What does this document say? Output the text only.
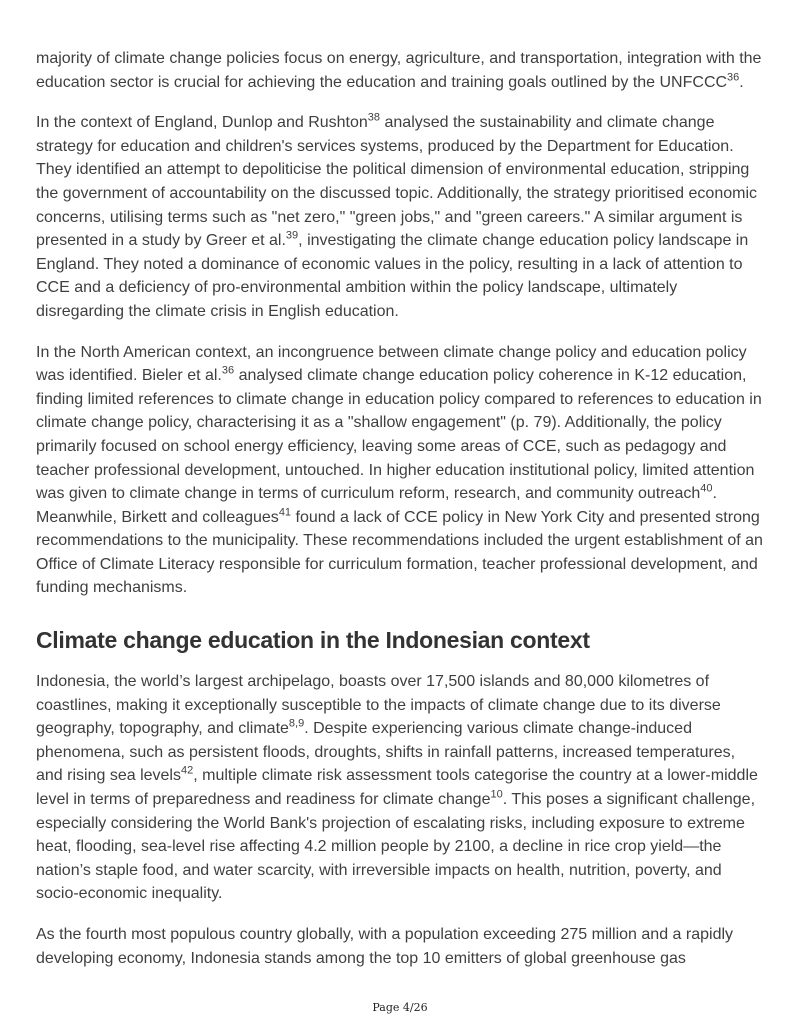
majority of climate change policies focus on energy, agriculture, and transportation, integration with the education sector is crucial for achieving the education and training goals outlined by the UNFCCC$^{36}$.

In the context of England, Dunlop and Rushton$^{38}$ analysed the sustainability and climate change strategy for education and children's services systems, produced by the Department for Education. They identified an attempt to depoliticise the political dimension of environmental education, stripping the government of accountability on the discussed topic. Additionally, the strategy prioritised economic concerns, utilising terms such as "net zero," "green jobs," and "green careers." A similar argument is presented in a study by Greer et al.$^{39}$, investigating the climate change education policy landscape in England. They noted a dominance of economic values in the policy, resulting in a lack of attention to CCE and a deficiency of pro-environmental ambition within the policy landscape, ultimately disregarding the climate crisis in English education.

In the North American context, an incongruence between climate change policy and education policy was identified. Bieler et al.$^{36}$ analysed climate change education policy coherence in K-12 education, finding limited references to climate change in education policy compared to references to education in climate change policy, characterising it as a "shallow engagement" (p. 79). Additionally, the policy primarily focused on school energy efficiency, leaving some areas of CCE, such as pedagogy and teacher professional development, untouched. In higher education institutional policy, limited attention was given to climate change in terms of curriculum reform, research, and community outreach$^{40}$. Meanwhile, Birkett and colleagues$^{41}$ found a lack of CCE policy in New York City and presented strong recommendations to the municipality. These recommendations included the urgent establishment of an Office of Climate Literacy responsible for curriculum formation, teacher professional development, and funding mechanisms.

Climate change education in the Indonesian context

Indonesia, the world’s largest archipelago, boasts over 17,500 islands and 80,000 kilometres of coastlines, making it exceptionally susceptible to the impacts of climate change due to its diverse geography, topography, and climate$^{8,9}$. Despite experiencing various climate change-induced phenomena, such as persistent floods, droughts, shifts in rainfall patterns, increased temperatures, and rising sea levels$^{42}$, multiple climate risk assessment tools categorise the country at a lower-middle level in terms of preparedness and readiness for climate change$^{10}$. This poses a significant challenge, especially considering the World Bank's projection of escalating risks, including exposure to extreme heat, flooding, sea-level rise affecting 4.2 million people by 2100, a decline in rice crop yield—the nation’s staple food, and water scarcity, with irreversible impacts on health, nutrition, poverty, and socio-economic inequality.

As the fourth most populous country globally, with a population exceeding 275 million and a rapidly developing economy, Indonesia stands among the top 10 emitters of global greenhouse gas

Page 4/26
